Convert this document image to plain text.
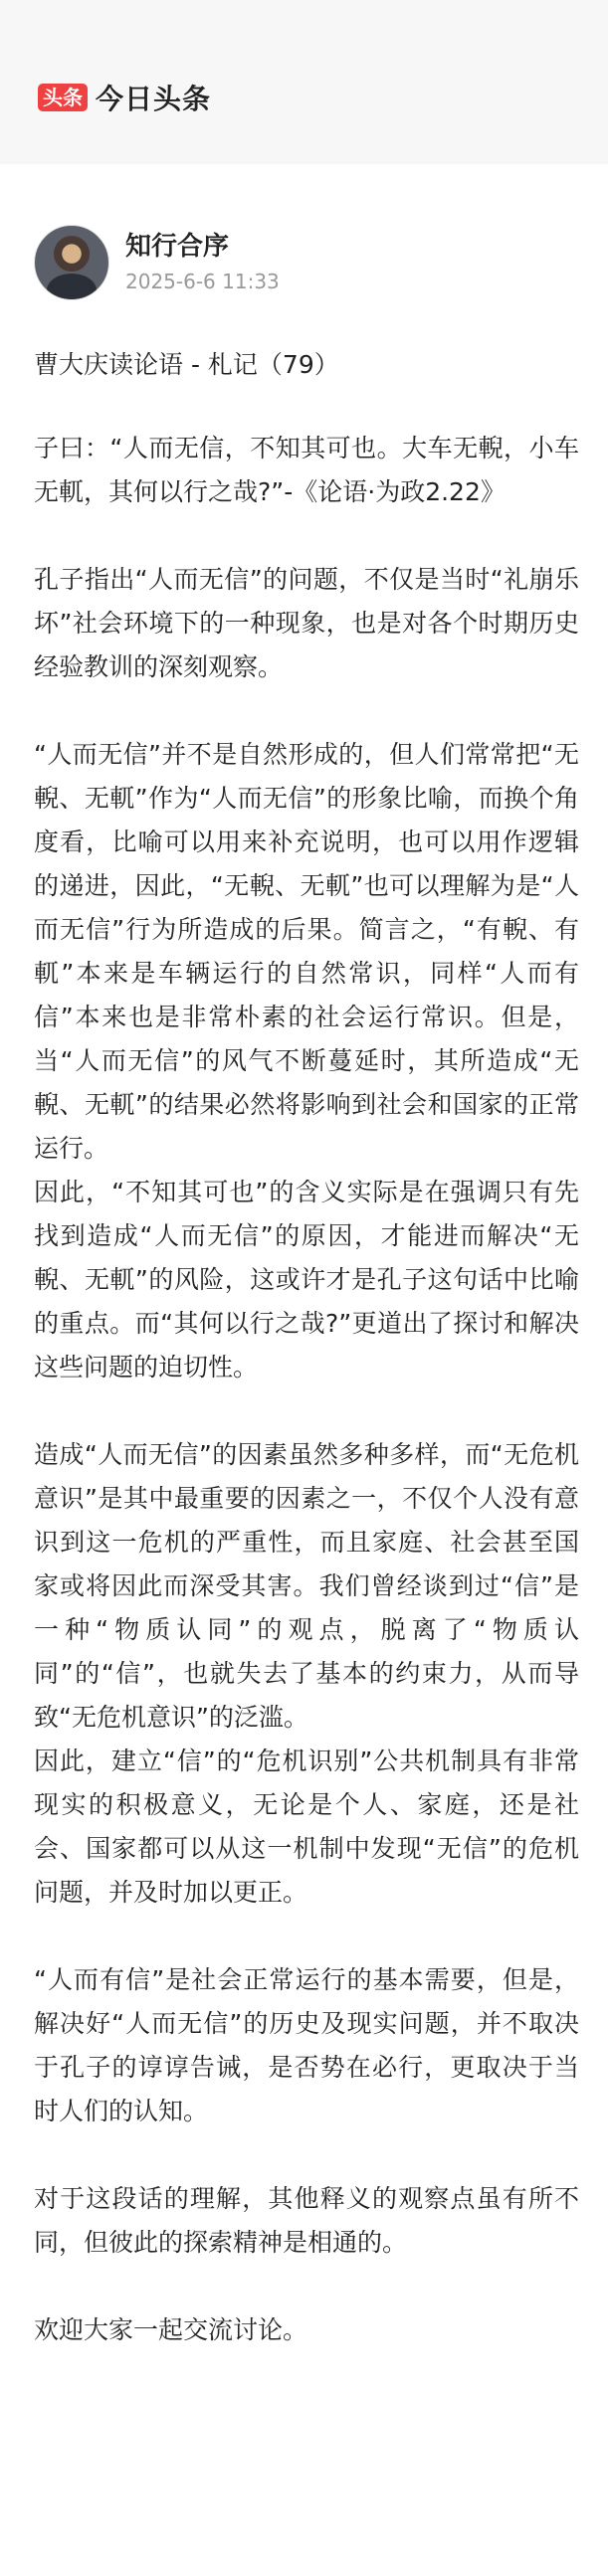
头条 今日头条
知行合序
2025-6-6 11:33

曹大庆读论语 - 札记（79）

子曰：“人而无信，不知其可也。大车无輗，小车无軏，其何以行之哉?”-《论语·为政2.22》

孔子指出“人而无信”的问题，不仅是当时“礼崩乐坏”社会环境下的一种现象，也是对各个时期历史经验教训的深刻观察。

“人而无信”并不是自然形成的，但人们常常把“无輗、无軏”作为“人而无信”的形象比喻，而换个角度看，比喻可以用来补充说明，也可以用作逻辑的递进，因此，“无輗、无軏”也可以理解为是“人而无信”行为所造成的后果。简言之，“有輗、有軏”本来是车辆运行的自然常识，同样“人而有信”本来也是非常朴素的社会运行常识。但是，当“人而无信”的风气不断蔓延时，其所造成“无輗、无軏”的结果必然将影响到社会和国家的正常运行。

因此，“不知其可也”的含义实际是在强调只有先找到造成“人而无信”的原因，才能进而解决“无輗、无軏”的风险，这或许才是孔子这句话中比喻的重点。而“其何以行之哉?”更道出了探讨和解决这些问题的迫切性。

造成“人而无信”的因素虽然多种多样，而“无危机意识”是其中最重要的因素之一，不仅个人没有意识到这一危机的严重性，而且家庭、社会甚至国家或将因此而深受其害。我们曾经谈到过“信”是一种“物质认同”的观点，脱离了“物质认同”的“信”，也就失去了基本的约束力，从而导致“无危机意识”的泛滥。

因此，建立“信”的“危机识别”公共机制具有非常现实的积极意义，无论是个人、家庭，还是社会、国家都可以从这一机制中发现“无信”的危机问题，并及时加以更正。

“人而有信”是社会正常运行的基本需要，但是，解决好“人而无信”的历史及现实问题，并不取决于孔子的谆谆告诫，是否势在必行，更取决于当时人们的认知。

对于这段话的理解，其他释义的观察点虽有所不同，但彼此的探索精神是相通的。

欢迎大家一起交流讨论。
